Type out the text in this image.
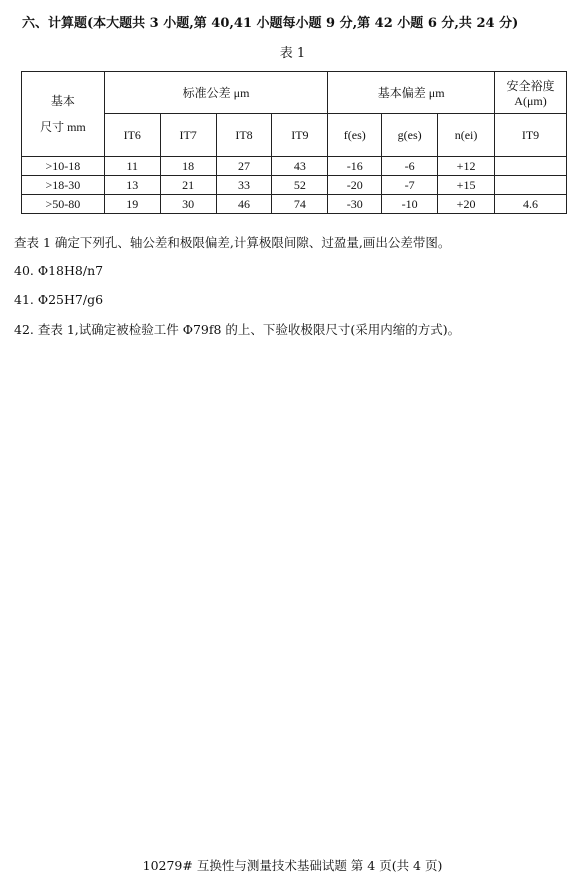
六、计算题(本大题共 3 小题,第 40,41 小题每小题 9 分,第 42 小题 6 分,共 24 分)
表 1
基本
尺寸 mm	标准公差 μm				基本偏差 μm			安全裕度
A(μm)
	IT6	IT7	IT8	IT9	f(es)	g(es)	n(ei)	IT9
>10-18	11	18	27	43	-16	-6	+12	
>18-30	13	21	33	52	-20	-7	+15	
>50-80	19	30	46	74	-30	-10	+20	4.6
查表 1 确定下列孔、轴公差和极限偏差,计算极限间隙、过盈量,画出公差带图。
40. Φ18H8/n7
41. Φ25H7/g6
42. 查表 1,试确定被检验工件 Φ79f8 的上、下验收极限尺寸(采用内缩的方式)。
10279# 互换性与测量技术基础试题 第 4 页(共 4 页)
